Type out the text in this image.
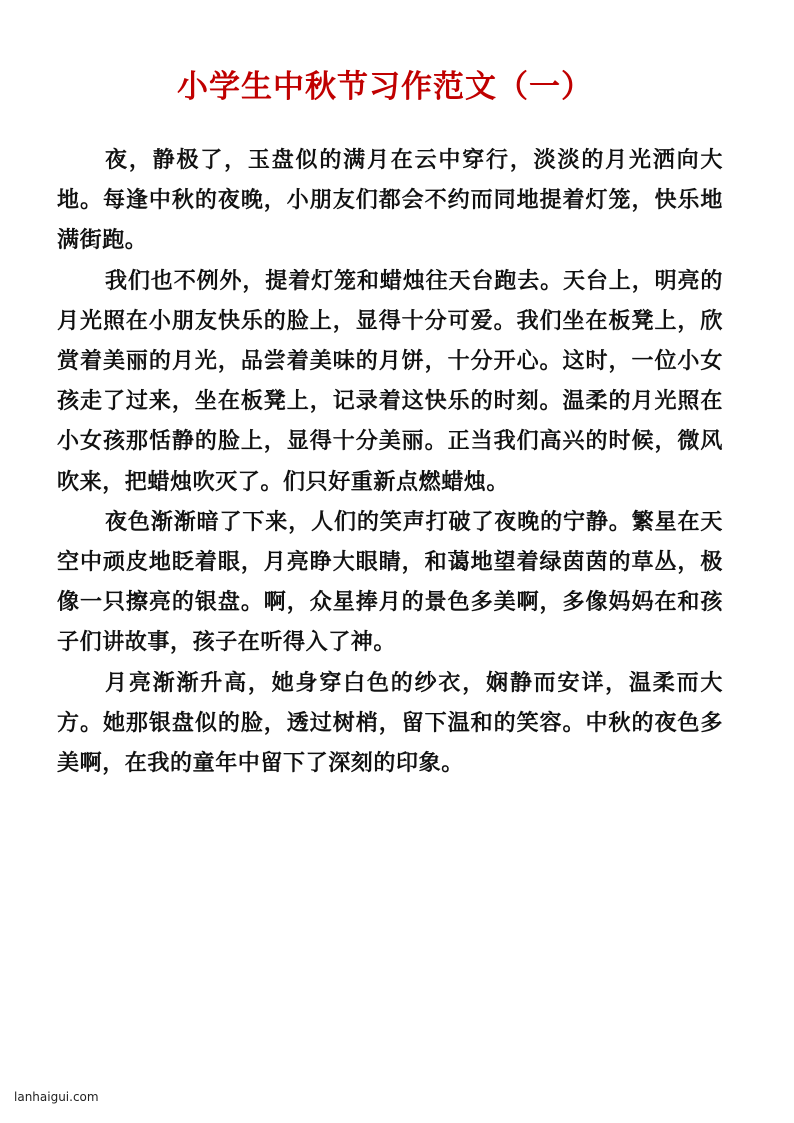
小学生中秋节习作范文（一）

夜，静极了，玉盘似的满月在云中穿行，淡淡的月光洒向大地。每逢中秋的夜晚，小朋友们都会不约而同地提着灯笼，快乐地满街跑。

我们也不例外，提着灯笼和蜡烛往天台跑去。天台上，明亮的月光照在小朋友快乐的脸上，显得十分可爱。我们坐在板凳上，欣赏着美丽的月光，品尝着美味的月饼，十分开心。这时，一位小女孩走了过来，坐在板凳上，记录着这快乐的时刻。温柔的月光照在小女孩那恬静的脸上，显得十分美丽。正当我们高兴的时候，微风吹来，把蜡烛吹灭了。们只好重新点燃蜡烛。

夜色渐渐暗了下来，人们的笑声打破了夜晚的宁静。繁星在天空中顽皮地眨着眼，月亮睁大眼睛，和蔼地望着绿茵茵的草丛，极像一只擦亮的银盘。啊，众星捧月的景色多美啊，多像妈妈在和孩子们讲故事，孩子在听得入了神。

月亮渐渐升高，她身穿白色的纱衣，娴静而安详，温柔而大方。她那银盘似的脸，透过树梢，留下温和的笑容。中秋的夜色多美啊，在我的童年中留下了深刻的印象。

lanhaigui.com
